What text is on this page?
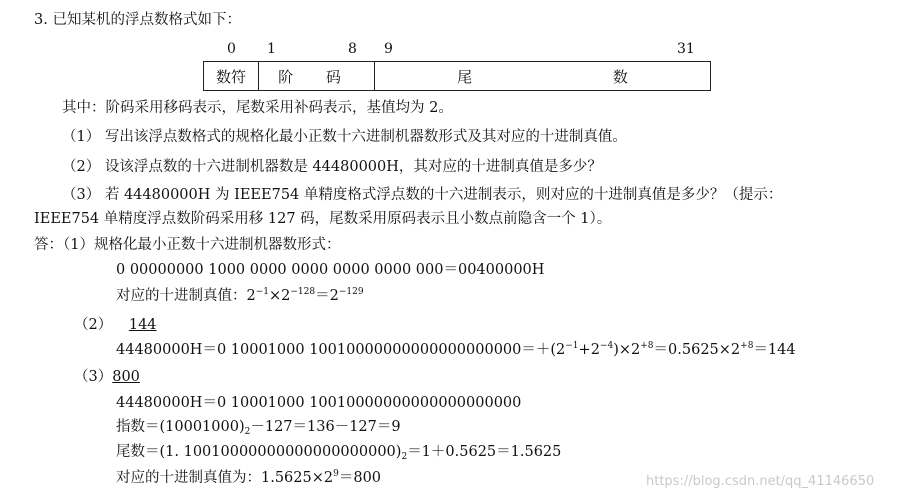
3. 已知某机的浮点数格式如下：
0 1	8 9	31
数符	阶 码	尾 数
其中：阶码采用移码表示，尾数采用补码表示，基值均为 2。
（1） 写出该浮点数格式的规格化最小正数十六进制机器数形式及其对应的十进制真值。
（2） 设该浮点数的十六进制机器数是 44480000H，其对应的十进制真值是多少？
（3） 若 44480000H 为 IEEE754 单精度格式浮点数的十六进制表示，则对应的十进制真值是多少？（提示：
IEEE754 单精度浮点数阶码采用移 127 码，尾数采用原码表示且小数点前隐含一个 1）。
答：（1）规格化最小正数十六进制机器数形式：
0 00000000 1000 0000 0000 0000 0000 000＝00400000H
对应的十进制真值：$2^{-1}\times 2^{-128}=2^{-129}$
（2） 144
44480000H＝0 10001000 $10010000000000000000000=+(2^{-1}+2^{-4})\times 2^{+8}=0.5625\times 2^{+8}=144$
（3）800
44480000H＝0 10001000 10010000000000000000000
指数$=(10001000)_2-127=136-127=9$
尾数＝(1. $10010000000000000000000)_2=1+0.5625=1.5625$
对应的十进制真值为：$1.5625\times 2^9=800$	https://blog.csdn.net/qq_41146650
